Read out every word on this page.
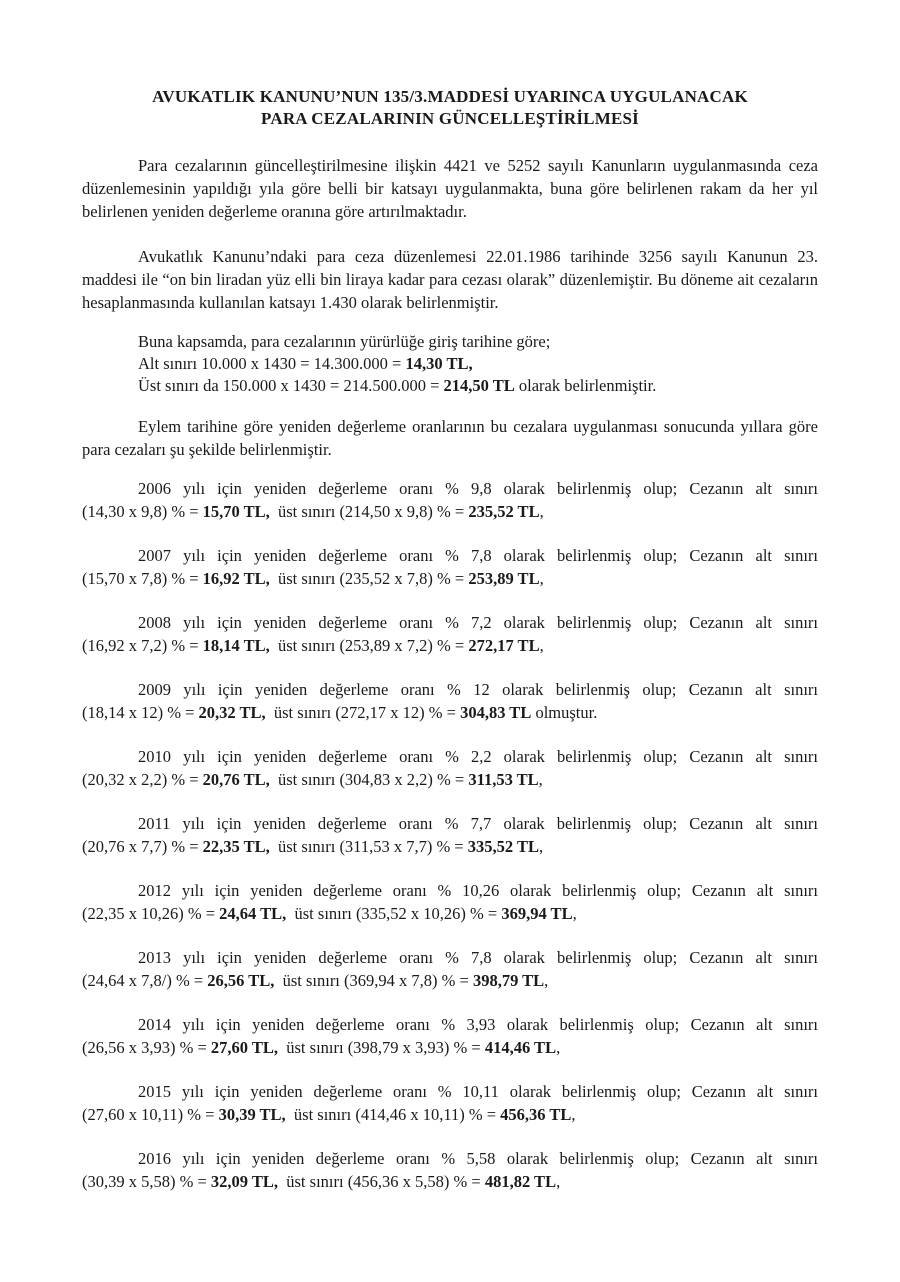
AVUKATLIK KANUNU’NUN 135/3.MADDESİ UYARINCA UYGULANACAK
PARA CEZALARININ GÜNCELLEŞTİRİLMESİ

Para cezalarının güncelleştirilmesine ilişkin 4421 ve 5252 sayılı Kanunların uygulanmasında ceza düzenlemesinin yapıldığı yıla göre belli bir katsayı uygulanmakta, buna göre belirlenen rakam da her yıl belirlenen yeniden değerleme oranına göre artırılmaktadır.

Avukatlık Kanunu’ndaki para ceza düzenlemesi 22.01.1986 tarihinde 3256 sayılı Kanunun 23. maddesi ile “on bin liradan yüz elli bin liraya kadar para cezası olarak” düzenlemiştir. Bu döneme ait cezaların hesaplanmasında kullanılan katsayı 1.430 olarak belirlenmiştir.

Buna kapsamda, para cezalarının yürürlüğe giriş tarihine göre;
Alt sınırı 10.000 x 1430 = 14.300.000 = 14,30 TL,
Üst sınırı da 150.000 x 1430 = 214.500.000 = 214,50 TL olarak belirlenmiştir.

Eylem tarihine göre yeniden değerleme oranlarının bu cezalara uygulanması sonucunda yıllara göre para cezaları şu şekilde belirlenmiştir.

2006 yılı için yeniden değerleme oranı % 9,8 olarak belirlenmiş olup; Cezanın alt sınırı
(14,30 x 9,8) % = 15,70 TL,  üst sınırı (214,50 x 9,8) % = 235,52 TL,
2007 yılı için yeniden değerleme oranı % 7,8 olarak belirlenmiş olup; Cezanın alt sınırı
(15,70 x 7,8) % = 16,92 TL,  üst sınırı (235,52 x 7,8) % = 253,89 TL,
2008 yılı için yeniden değerleme oranı % 7,2 olarak belirlenmiş olup; Cezanın alt sınırı
(16,92 x 7,2) % = 18,14 TL,  üst sınırı (253,89 x 7,2) % = 272,17 TL,
2009 yılı için yeniden değerleme oranı % 12 olarak belirlenmiş olup; Cezanın alt sınırı
(18,14 x 12) % = 20,32 TL,  üst sınırı (272,17 x 12) % = 304,83 TL olmuştur.
2010 yılı için yeniden değerleme oranı % 2,2 olarak belirlenmiş olup; Cezanın alt sınırı
(20,32 x 2,2) % = 20,76 TL,  üst sınırı (304,83 x 2,2) % = 311,53 TL,
2011 yılı için yeniden değerleme oranı % 7,7 olarak belirlenmiş olup; Cezanın alt sınırı
(20,76 x 7,7) % = 22,35 TL,  üst sınırı (311,53 x 7,7) % = 335,52 TL,
2012 yılı için yeniden değerleme oranı % 10,26 olarak belirlenmiş olup; Cezanın alt sınırı
(22,35 x 10,26) % = 24,64 TL,  üst sınırı (335,52 x 10,26) % = 369,94 TL,
2013 yılı için yeniden değerleme oranı % 7,8 olarak belirlenmiş olup; Cezanın alt sınırı
(24,64 x 7,8/) % = 26,56 TL,  üst sınırı (369,94 x 7,8) % = 398,79 TL,
2014 yılı için yeniden değerleme oranı % 3,93 olarak belirlenmiş olup; Cezanın alt sınırı
(26,56 x 3,93) % = 27,60 TL,  üst sınırı (398,79 x 3,93) % = 414,46 TL,
2015 yılı için yeniden değerleme oranı % 10,11 olarak belirlenmiş olup; Cezanın alt sınırı
(27,60 x 10,11) % = 30,39 TL,  üst sınırı (414,46 x 10,11) % = 456,36 TL,
2016 yılı için yeniden değerleme oranı % 5,58 olarak belirlenmiş olup; Cezanın alt sınırı
(30,39 x 5,58) % = 32,09 TL,  üst sınırı (456,36 x 5,58) % = 481,82 TL,
